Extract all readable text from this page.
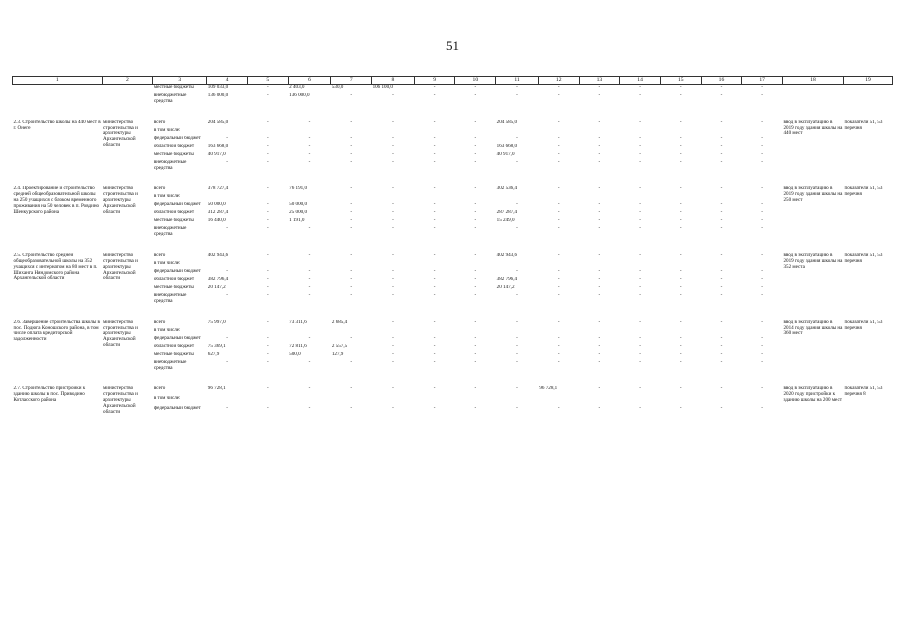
51
1	2	3	4	5	6	7	8	9	10	11	12	13	14	15	16	17	18	19
		местные бюджеты	109 033,0	-	2 403,0	530,0	106 100,0	-	-	-	-	-	-	-	-	-		
		внебюджетные средства	136 000,0	-	136 000,0	-	-	-	-	-	-	-	-	-	-	-		

2.3. Строительство школы на 440 мест в г. Онеге	министерство строительства и архитектуры Архангельской области	всего	204 585,0	-	-	-	-	-	-	204 585,0	-	-	-	-	-	-	ввод в эксплуатацию в 2019 году здания школы на 440 мест	показатели 51, 53 перечня
		в том числе:																
		федеральный бюджет	-	-	-	-	-	-	-	-	-	-	-	-	-	-		
		областной бюджет	163 668,0	-	-	-	-	-	-	163 668,0	-	-	-	-	-	-		
		местные бюджеты	40 917,0	-	-	-	-	-	-	40 917,0	-	-	-	-	-	-		
		внебюджетные средства	-	-	-	-	-	-	-	-	-	-	-	-	-	-		

2.4. Проектирование и строительство средней общеобразовательной школы на 250 учащихся с блоком временного проживания на 50 человек в п. Ровдино Шенкурского района	министерство строительства и архитектуры Архангельской области	всего	378 727,4	-	76 191,0	-	-	-	-	302 536,4	-	-	-	-	-	-	ввод в эксплуатацию в 2019 году здания школы на 250 мест	показатели 51, 53 перечня
		в том числе:																
		федеральный бюджет	50 000,0	-	50 000,0	-	-	-	-	-	-	-	-	-	-	-		
		областной бюджет	312 287,4	-	25 000,0	-	-	-	-	287 287,4	-	-	-	-	-	-		
		местные бюджеты	16 440,0	-	1 191,0	-	-	-	-	15 249,0	-	-	-	-	-	-		
		внебюджетные средства	-	-	-	-	-	-	-	-	-	-	-	-	-	-		

2.5. Строительство средней общеобразовательной школы на 352 учащихся с интернатом на 80 мест в п. Шиханга Няндомского района Архангельской области	министерство строительства и архитектуры Архангельской области	всего	402 943,6	-	-	-	-	-	-	402 943,6	-	-	-	-	-	-	ввод в эксплуатацию в 2019 году здания школы на 352 места	показатели 51, 53 перечня
		в том числе:																
		федеральный бюджет	-	-	-	-	-	-	-	-	-	-	-	-	-	-		
		областной бюджет	382 796,4	-	-	-	-	-	-	382 796,4	-	-	-	-	-	-		
		местные бюджеты	20 147,2	-	-	-	-	-	-	20 147,2	-	-	-	-	-	-		
		внебюджетные средства	-	-	-	-	-	-	-	-	-	-	-	-	-	-		

2.6. Завершение строительства школы в пос. Подюга Коношского района, в том числе оплата кредиторской задолженности	министерство строительства и архитектуры Архангельской области	всего	75 997,0	-	73 311,6	2 685,4	-	-	-	-	-	-	-	-	-	-	ввод в эксплуатацию в 2014 году здания школы на 360 мест	показатели 51, 53 перечня
		в том числе:																
		федеральный бюджет	-	-	-	-	-	-	-	-	-	-	-	-	-	-		
		областной бюджет	75 369,1	-	72 811,6	2 557,5	-	-	-	-	-	-	-	-	-	-		
		местные бюджеты	627,9	-	500,0	127,9	-	-	-	-	-	-	-	-	-	-		
		внебюджетные средства	-	-	-	-	-	-	-	-	-	-	-	-	-	-		

2.7. Строительство пристройки к зданию школы в пос. Приводино Котласского района	министерство строительства и архитектуры Архангельской области	всего	96 728,1	-	-	-	-	-	-	-	96 728,1	-	-	-	-	-	ввод в эксплуатацию в 2020 году пристройки к зданию школы на 200 мест	показатели 51, 53 перечня 8
		в том числе:																
		федеральный бюджет	-	-	-	-	-	-	-	-	-	-	-	-	-	-		
